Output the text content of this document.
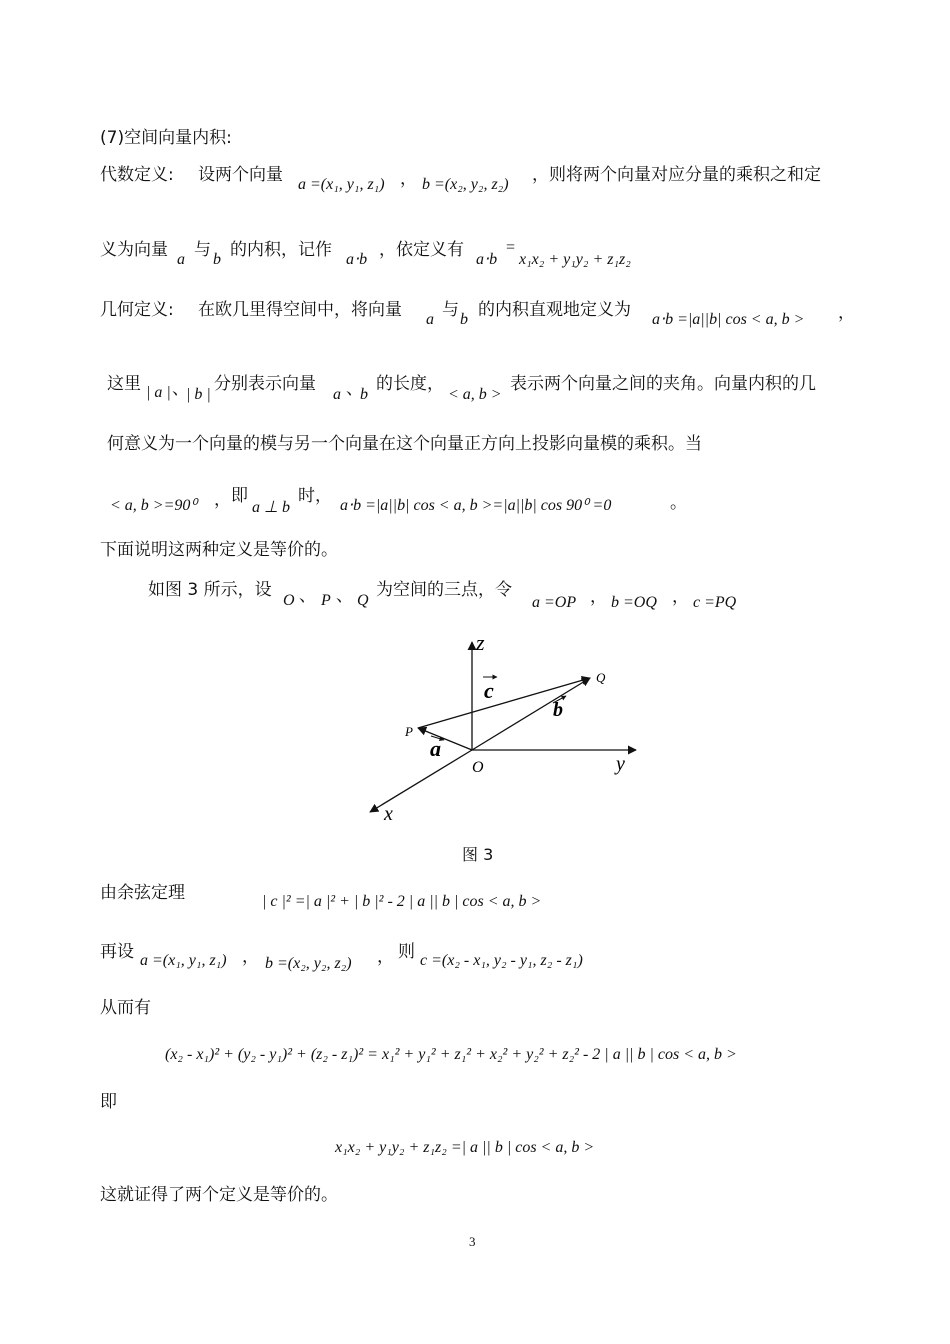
(7)空间向量内积:
代数定义: 设两个向量 a =(x₁, y₁, z₁) ， b =(x₂, y₂, z₂) ，则将两个向量对应分量的乘积之和定
义为向量 a 与 b 的内积，记作 a⋅b ，依定义有 a⋅b
=
x₁x₂ + y₁y₂ + z₁z₂
几何定义: 在欧几里得空间中，将向量 a 与 b 的内积直观地定义为 a⋅b =|a||b| cos < a, b > ，
这里 | a | 、
| b |
分别表示向量
a 、
b
的长度，
< a, b >
表示两个向量之间的夹角。向量内积的几
何意义为一个向量的模与另一个向量在这个向量正方向上投影向量模的乘积。当
< a, b >=90⁰ ， 即
a ⊥ b
时， a⋅b =|a||b| cos < a, b >=|a||b| cos 90⁰ =0	。
下面说明这两种定义是等价的。
如图 3 所示，设
O 、 P 、 Q
为空间的三点，令
a =OP ， b =OQ ， c =PQ
z
y
x
O
P
Q
c
b
a
图 3
由余弦定理	| c |² =| a |² + | b |² - 2 | a || b | cos < a, b >
再设 a =(x₁, y₁, z₁) ， b =(x₂, y₂, z₂) ， 则 c =(x₂ - x₁, y₂ - y₁, z₂ - z₁)
从而有
(x₂ - x₁)² + (y₂ - y₁)² + (z₂ - z₁)² = x₁² + y₁² + z₁² + x₂² + y₂² + z₂² - 2 | a || b | cos < a, b >
即
x₁x₂ + y₁y₂ + z₁z₂ =| a || b | cos < a, b >
这就证得了两个定义是等价的。
3
